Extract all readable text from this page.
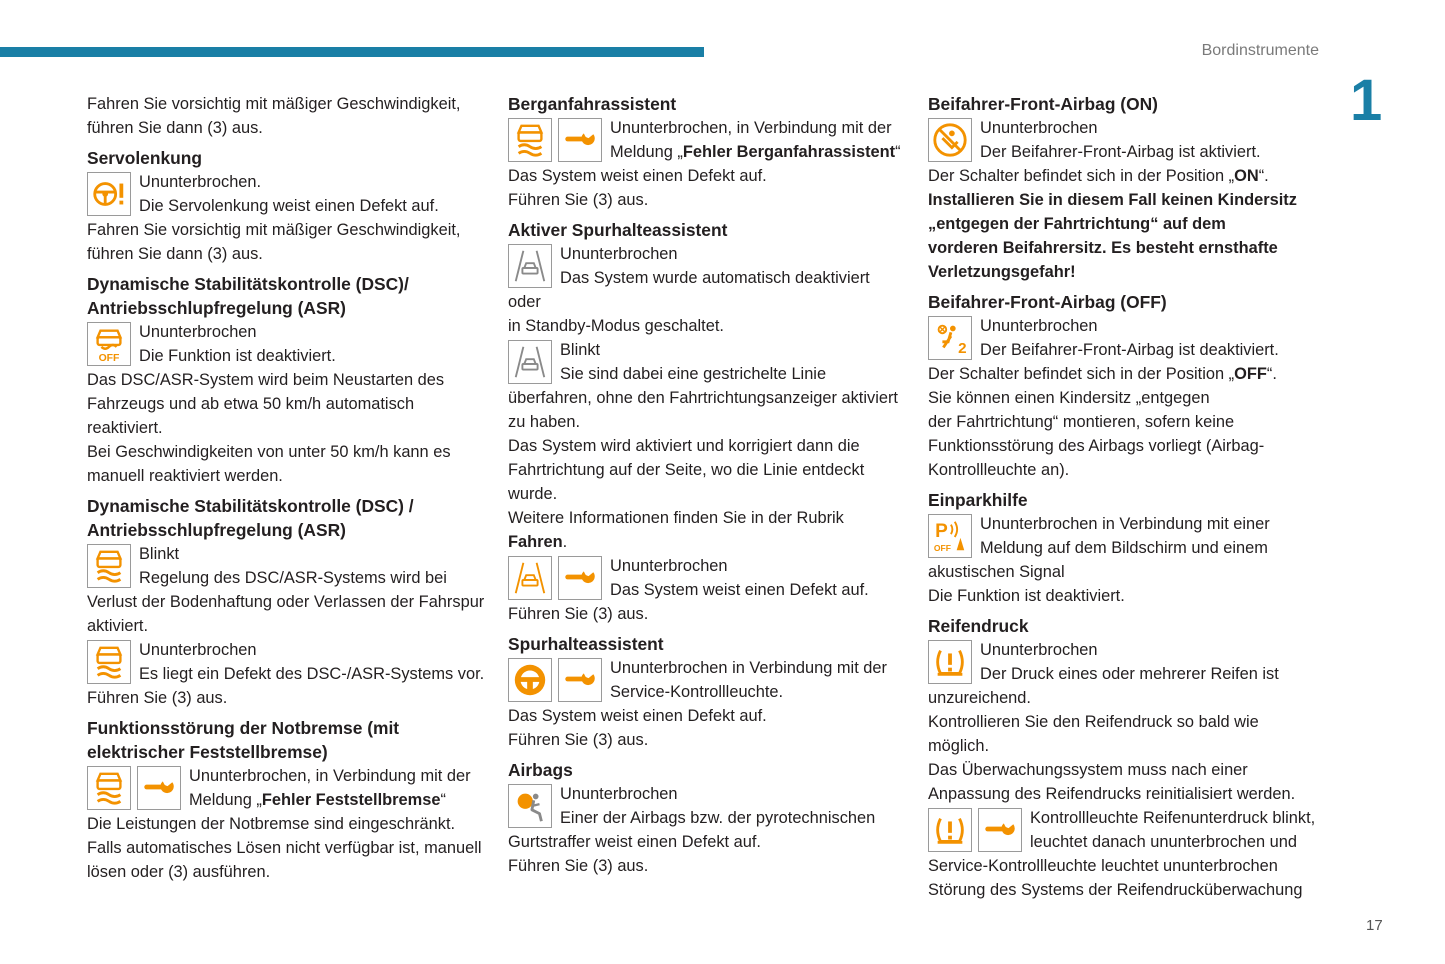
Bordinstrumente
1
17

Fahren Sie vorsichtig mit mäßiger Geschwindigkeit,

führen Sie dann (3) aus.

Servolenkung

Ununterbrochen.

Die Servolenkung weist einen Defekt auf.

Fahren Sie vorsichtig mit mäßiger Geschwindigkeit,

führen Sie dann (3) aus.

Dynamische Stabilitätskontrolle (DSC)/
Antriebsschlupfregelung (ASR)
OFF

Ununterbrochen

Die Funktion ist deaktiviert.

Das DSC/ASR-System wird beim Neustarten des

Fahrzeugs und ab etwa 50 km/h automatisch

reaktiviert.

Bei Geschwindigkeiten von unter 50 km/h kann es

manuell reaktiviert werden.

Dynamische Stabilitätskontrolle (DSC) /
Antriebsschlupfregelung (ASR)

Blinkt

Regelung des DSC/ASR-Systems wird bei

Verlust der Bodenhaftung oder Verlassen der Fahrspur

aktiviert.

Ununterbrochen

Es liegt ein Defekt des DSC-/ASR-Systems vor.

Führen Sie (3) aus.

Funktionsstörung der Notbremse (mit
elektrischer Feststellbremse)

Ununterbrochen, in Verbindung mit der

Meldung „Fehler Feststellbremse“

Die Leistungen der Notbremse sind eingeschränkt.

Falls automatisches Lösen nicht verfügbar ist, manuell

lösen oder (3) ausführen.

Berganfahrassistent

Ununterbrochen, in Verbindung mit der

Meldung „Fehler Berganfahrassistent“

Das System weist einen Defekt auf.

Führen Sie (3) aus.

Aktiver Spurhalteassistent

Ununterbrochen

Das System wurde automatisch deaktiviert oder

in Standby-Modus geschaltet.

Blinkt

Sie sind dabei eine gestrichelte Linie

überfahren, ohne den Fahrtrichtungsanzeiger aktiviert

zu haben.

Das System wird aktiviert und korrigiert dann die

Fahrtrichtung auf der Seite, wo die Linie entdeckt

wurde.

Weitere Informationen finden Sie in der Rubrik Fahren.

Ununterbrochen

Das System weist einen Defekt auf.

Führen Sie (3) aus.

Spurhalteassistent

Ununterbrochen in Verbindung mit der

Service-Kontrollleuchte.

Das System weist einen Defekt auf.

Führen Sie (3) aus.

Airbags

Ununterbrochen

Einer der Airbags bzw. der pyrotechnischen

Gurtstraffer weist einen Defekt auf.

Führen Sie (3) aus.

Beifahrer-Front-Airbag (ON)

Ununterbrochen

Der Beifahrer-Front-Airbag ist aktiviert.

Der Schalter befindet sich in der Position „ON“.

Installieren Sie in diesem Fall keinen Kindersitz

„entgegen der Fahrtrichtung“ auf dem

vorderen Beifahrersitz. Es besteht ernsthafte

Verletzungsgefahr!

Beifahrer-Front-Airbag (OFF)
2

Ununterbrochen

Der Beifahrer-Front-Airbag ist deaktiviert.

Der Schalter befindet sich in der Position „OFF“.

Sie können einen Kindersitz „entgegen

der Fahrtrichtung“ montieren, sofern keine

Funktionsstörung des Airbags vorliegt (Airbag-

Kontrollleuchte an).

Einparkhilfe
P
OFF

Ununterbrochen in Verbindung mit einer

Meldung auf dem Bildschirm und einem

akustischen Signal

Die Funktion ist deaktiviert.

Reifendruck

Ununterbrochen

Der Druck eines oder mehrerer Reifen ist

unzureichend.

Kontrollieren Sie den Reifendruck so bald wie möglich.

Das Überwachungssystem muss nach einer

Anpassung des Reifendrucks reinitialisiert werden.

Kontrollleuchte Reifenunterdruck blinkt,

leuchtet danach ununterbrochen und

Service-Kontrollleuchte leuchtet ununterbrochen

Störung des Systems der Reifendrucküberwachung
